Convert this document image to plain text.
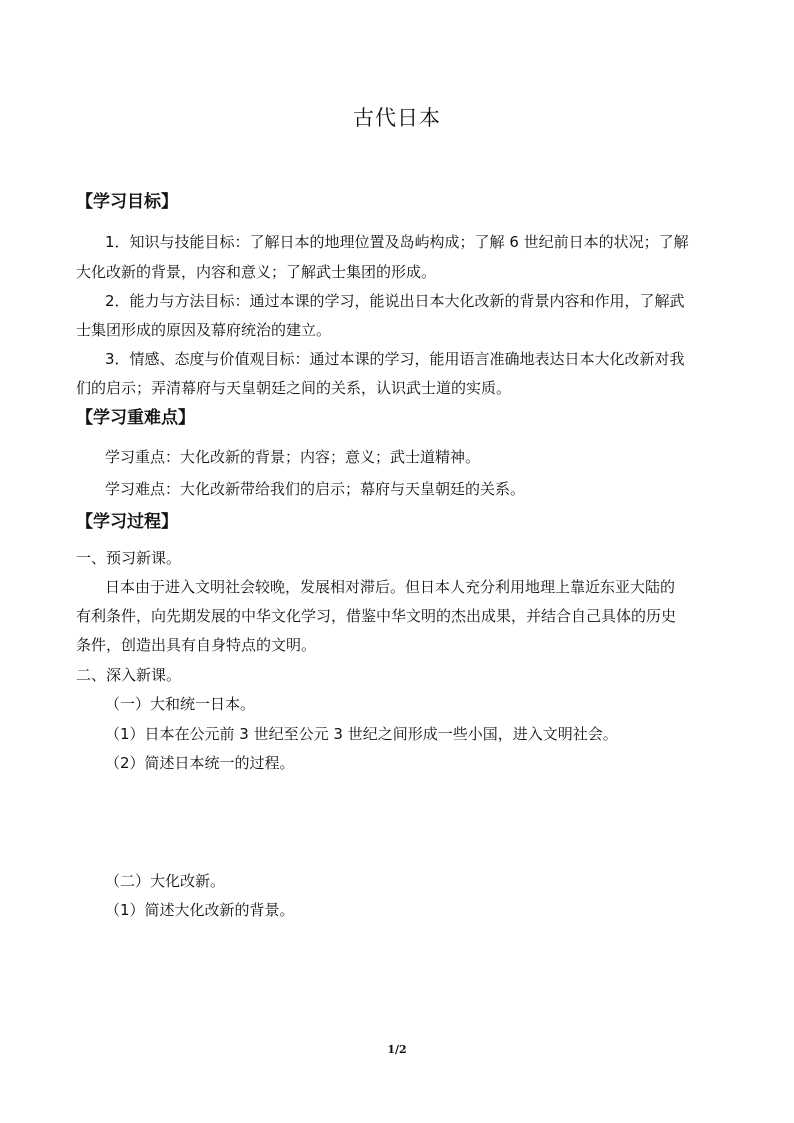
古代日本
【学习目标】
1．知识与技能目标：了解日本的地理位置及岛屿构成；了解 6 世纪前日本的状况；了解
大化改新的背景，内容和意义；了解武士集团的形成。
2．能力与方法目标：通过本课的学习，能说出日本大化改新的背景内容和作用，了解武
士集团形成的原因及幕府统治的建立。
3．情感、态度与价值观目标：通过本课的学习，能用语言准确地表达日本大化改新对我
们的启示；弄清幕府与天皇朝廷之间的关系，认识武士道的实质。
【学习重难点】
学习重点：大化改新的背景；内容；意义；武士道精神。
学习难点：大化改新带给我们的启示；幕府与天皇朝廷的关系。
【学习过程】
一、预习新课。
日本由于进入文明社会较晚，发展相对滞后。但日本人充分利用地理上靠近东亚大陆的
有利条件，向先期发展的中华文化学习，借鉴中华文明的杰出成果，并结合自己具体的历史
条件，创造出具有自身特点的文明。
二、深入新课。
（一）大和统一日本。
（1）日本在公元前 3 世纪至公元 3 世纪之间形成一些小国，进入文明社会。
（2）简述日本统一的过程。
（二）大化改新。
（1）简述大化改新的背景。
1/2
